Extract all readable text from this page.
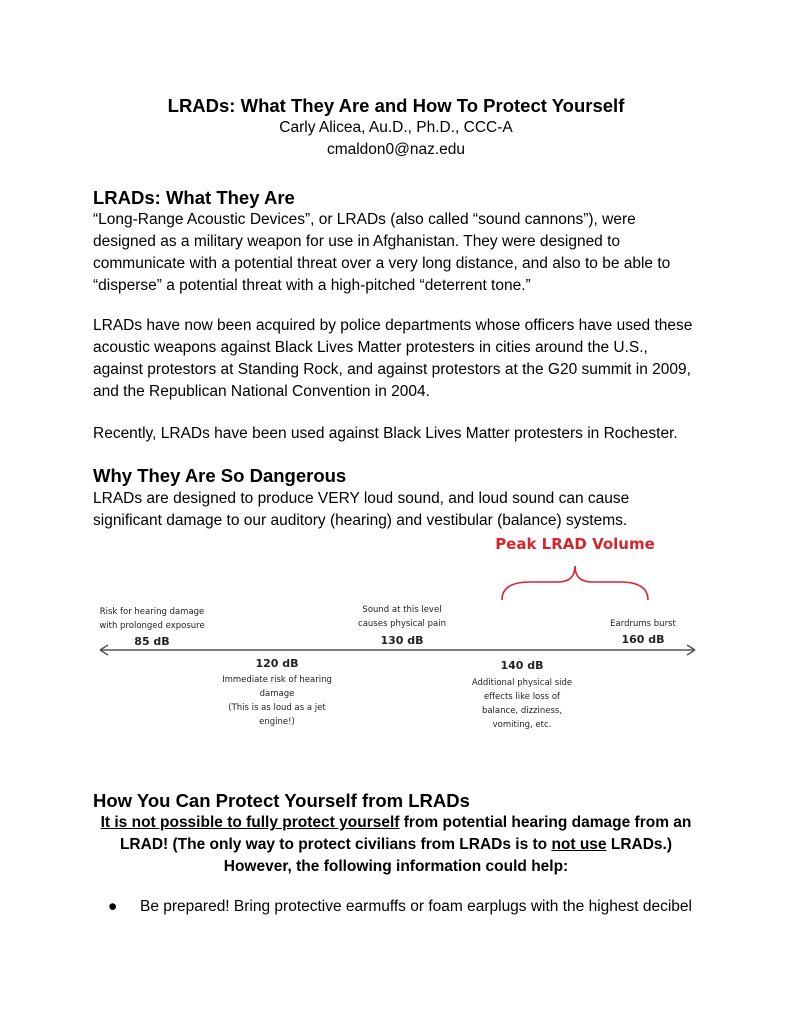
LRADs: What They Are and How To Protect Yourself
Carly Alicea, Au.D., Ph.D., CCC-A
cmaldon0@naz.edu
LRADs: What They Are
“Long-Range Acoustic Devices”, or LRADs (also called “sound cannons”), were
designed as a military weapon for use in Afghanistan. They were designed to
communicate with a potential threat over a very long distance, and also to be able to
“disperse” a potential threat with a high-pitched “deterrent tone.”
LRADs have now been acquired by police departments whose officers have used these
acoustic weapons against Black Lives Matter protesters in cities around the U.S.,
against protestors at Standing Rock, and against protestors at the G20 summit in 2009,
and the Republican National Convention in 2004.
Recently, LRADs have been used against Black Lives Matter protesters in Rochester.
Why They Are So Dangerous
LRADs are designed to produce VERY loud sound, and loud sound can cause
significant damage to our auditory (hearing) and vestibular (balance) systems.
Peak LRAD Volume
Risk for hearing damage
with prolonged exposure
85 dB
120 dB
Immediate risk of hearing
damage
(This is as loud as a jet
engine!)
Sound at this level
causes physical pain
130 dB
140 dB
Additional physical side
effects like loss of
balance, dizziness,
vomiting, etc.
Eardrums burst
160 dB
How You Can Protect Yourself from LRADs
It is not possible to fully protect yourself from potential hearing damage from an
LRAD! (The only way to protect civilians from LRADs is to not use LRADs.)
However, the following information could help:
● Be prepared! Bring protective earmuffs or foam earplugs with the highest decibel
